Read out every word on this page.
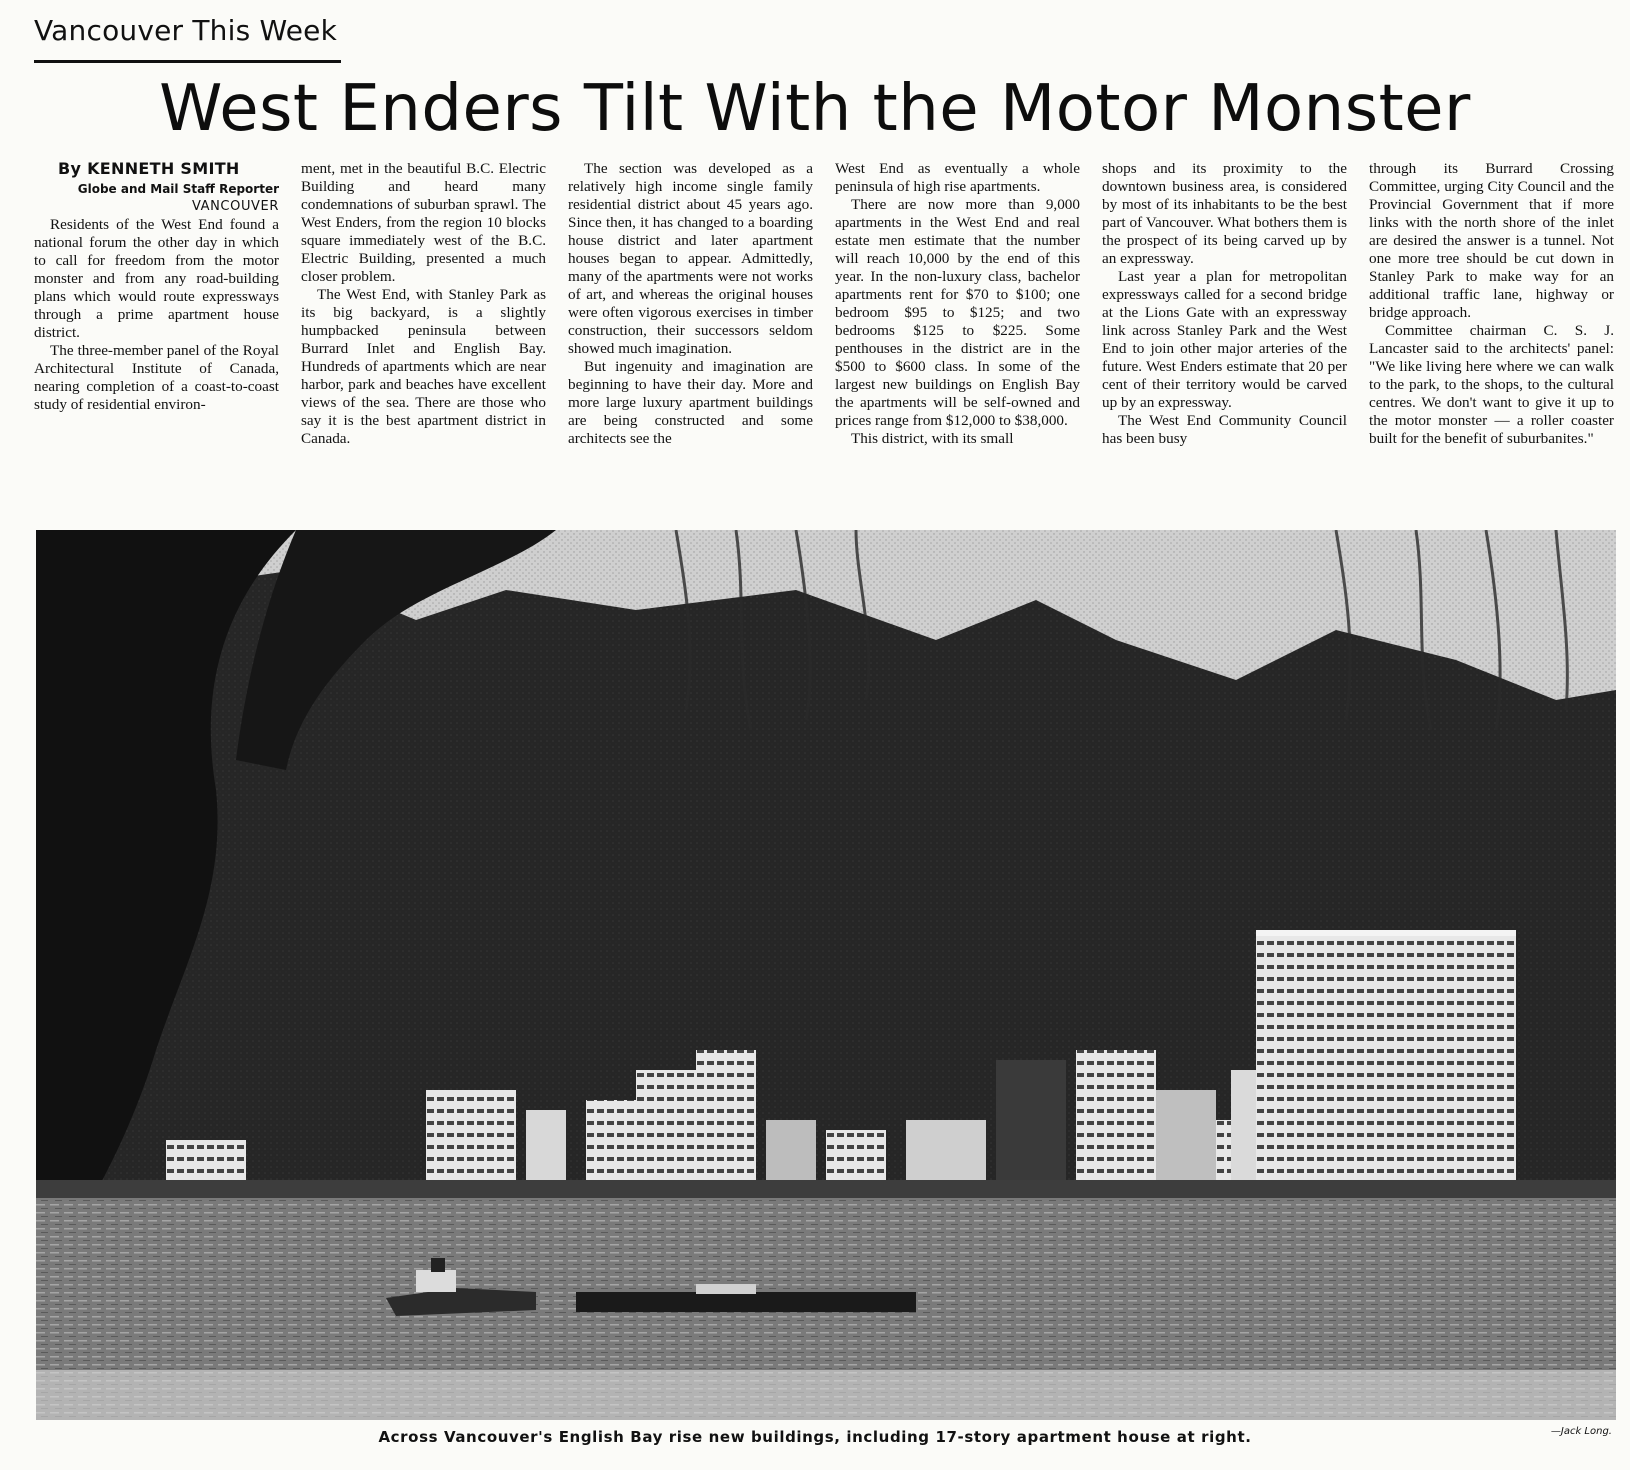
Vancouver This Week
West Enders Tilt With the Motor Monster
By KENNETH SMITH

Globe and Mail Staff Reporter

VANCOUVER

Residents of the West End found a national forum the other day in which to call for freedom from the motor monster and from any road-building plans which would route expressways through a prime apartment house district.

The three-member panel of the Royal Architectural Institute of Canada, nearing completion of a coast-to-coast study of residential environ-

ment, met in the beautiful B.C. Electric Building and heard many condemnations of suburban sprawl. The West Enders, from the region 10 blocks square immediately west of the B.C. Electric Building, presented a much closer problem.

The West End, with Stanley Park as its big backyard, is a slightly humpbacked peninsula between Burrard Inlet and English Bay. Hundreds of apartments which are near harbor, park and beaches have excellent views of the sea. There are those who say it is the best apartment district in Canada.

The section was developed as a relatively high income single family residential district about 45 years ago. Since then, it has changed to a boarding house district and later apartment houses began to appear. Admittedly, many of the apartments were not works of art, and whereas the original houses were often vigorous exercises in timber construction, their successors seldom showed much imagination.

But ingenuity and imagination are beginning to have their day. More and more large luxury apartment buildings are being constructed and some architects see the

West End as eventually a whole peninsula of high rise apartments.

There are now more than 9,000 apartments in the West End and real estate men estimate that the number will reach 10,000 by the end of this year. In the non-luxury class, bachelor apartments rent for $70 to $100; one bedroom $95 to $125; and two bedrooms $125 to $225. Some penthouses in the district are in the $500 to $600 class. In some of the largest new buildings on English Bay the apartments will be self-owned and prices range from $12,000 to $38,000.

This district, with its small

shops and its proximity to the downtown business area, is considered by most of its inhabitants to be the best part of Vancouver. What bothers them is the prospect of its being carved up by an expressway.

Last year a plan for metropolitan expressways called for a second bridge at the Lions Gate with an expressway link across Stanley Park and the West End to join other major arteries of the future. West Enders estimate that 20 per cent of their territory would be carved up by an expressway.

The West End Community Council has been busy

through its Burrard Crossing Committee, urging City Council and the Provincial Government that if more links with the north shore of the inlet are desired the answer is a tunnel. Not one more tree should be cut down in Stanley Park to make way for an additional traffic lane, highway or bridge approach.

Committee chairman C. S. J. Lancaster said to the architects' panel: "We like living here where we can walk to the park, to the shops, to the cultural centres. We don't want to give it up to the motor monster — a roller coaster built for the benefit of suburbanites."

Across Vancouver's English Bay rise new buildings, including 17-story apartment house at right.	—Jack Long.
